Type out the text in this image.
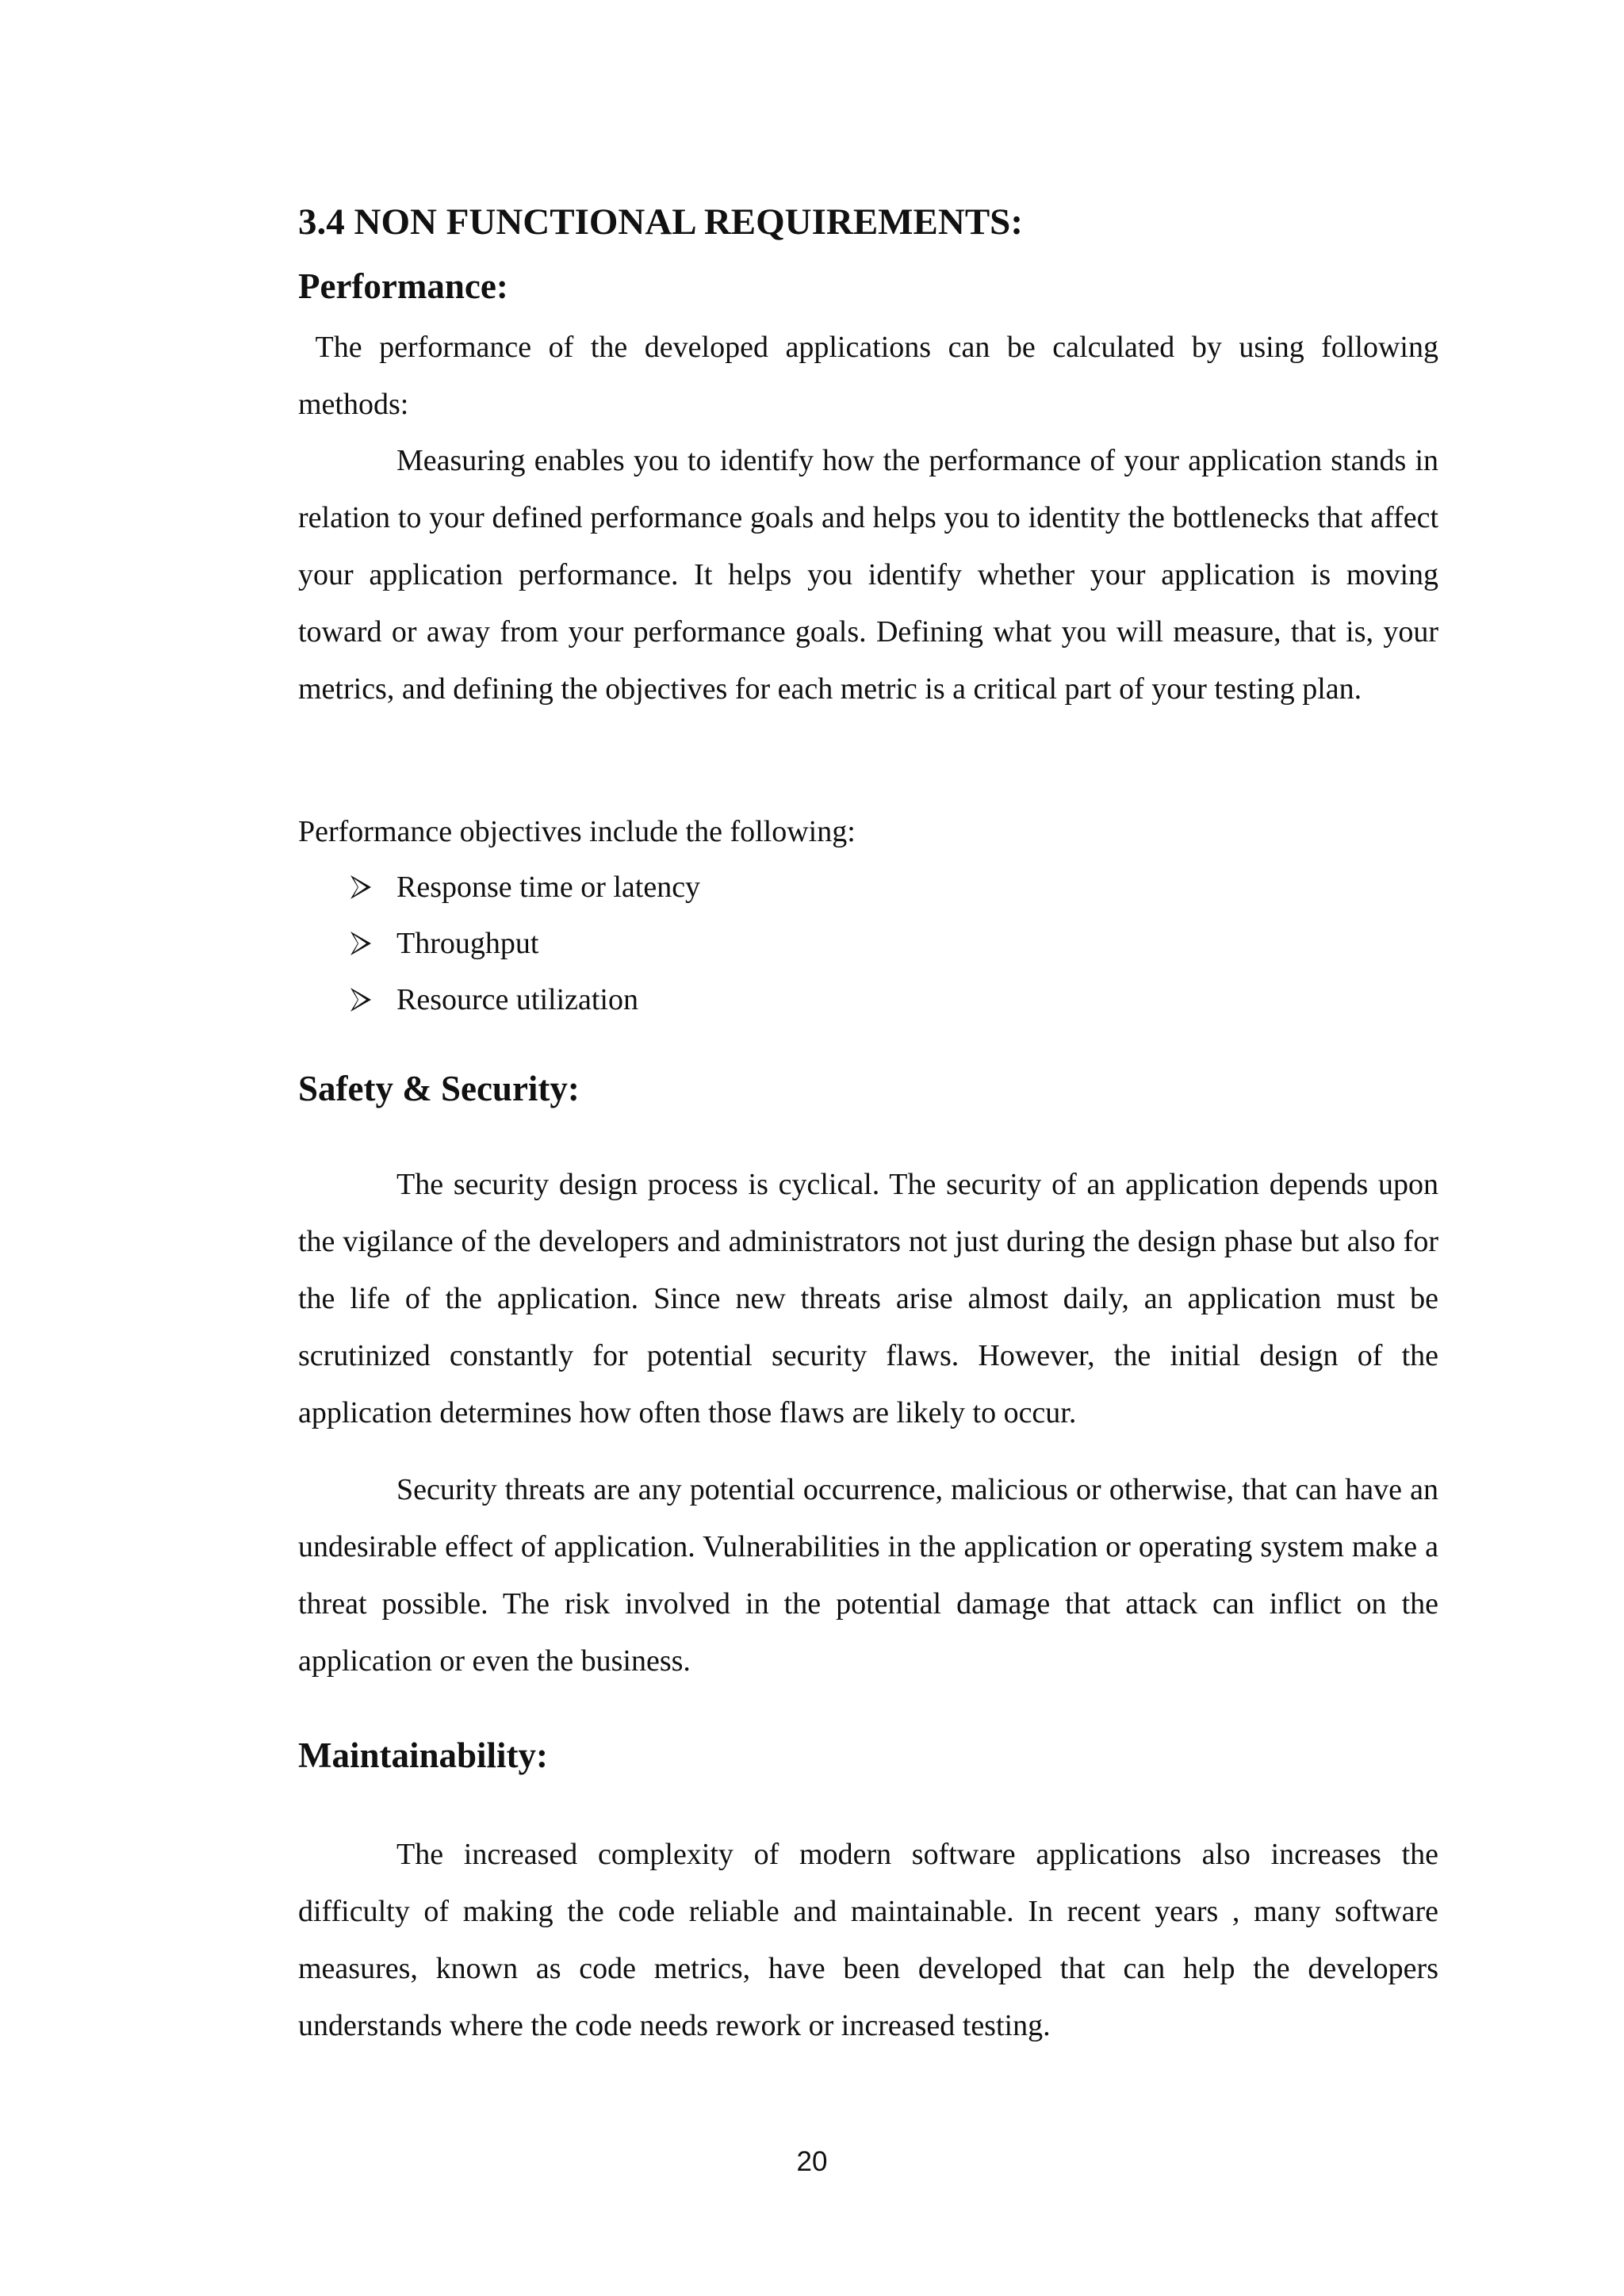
3.4 NON FUNCTIONAL REQUIREMENTS:
Performance:

The performance of the developed applications can be calculated by using following methods:

Measuring enables you to identify how the performance of your application stands in relation to your defined performance goals and helps you to identity the bottlenecks that affect your application performance. It helps you identify whether your application is moving toward or away from your performance goals. Defining what you will measure, that is, your metrics, and defining the objectives for each metric is a critical part of your testing plan.

Performance objectives include the following:

Response time or latency
Throughput
Resource utilization
Safety & Security:

The security design process is cyclical. The security of an application depends upon the vigilance of the developers and administrators not just during the design phase but also for the life of the application. Since new threats arise almost daily, an application must be scrutinized constantly for potential security flaws. However, the initial design of the application determines how often those flaws are likely to occur.

Security threats are any potential occurrence, malicious or otherwise, that can have an undesirable effect of application. Vulnerabilities in the application or operating system make a threat possible. The risk involved in the potential damage that attack can inflict on the application or even the business.

Maintainability:

The increased complexity of modern software applications also increases the difficulty of making the code reliable and maintainable. In recent years , many software measures, known as code metrics, have been developed that can help the developers understands where the code needs rework or increased testing.

20
